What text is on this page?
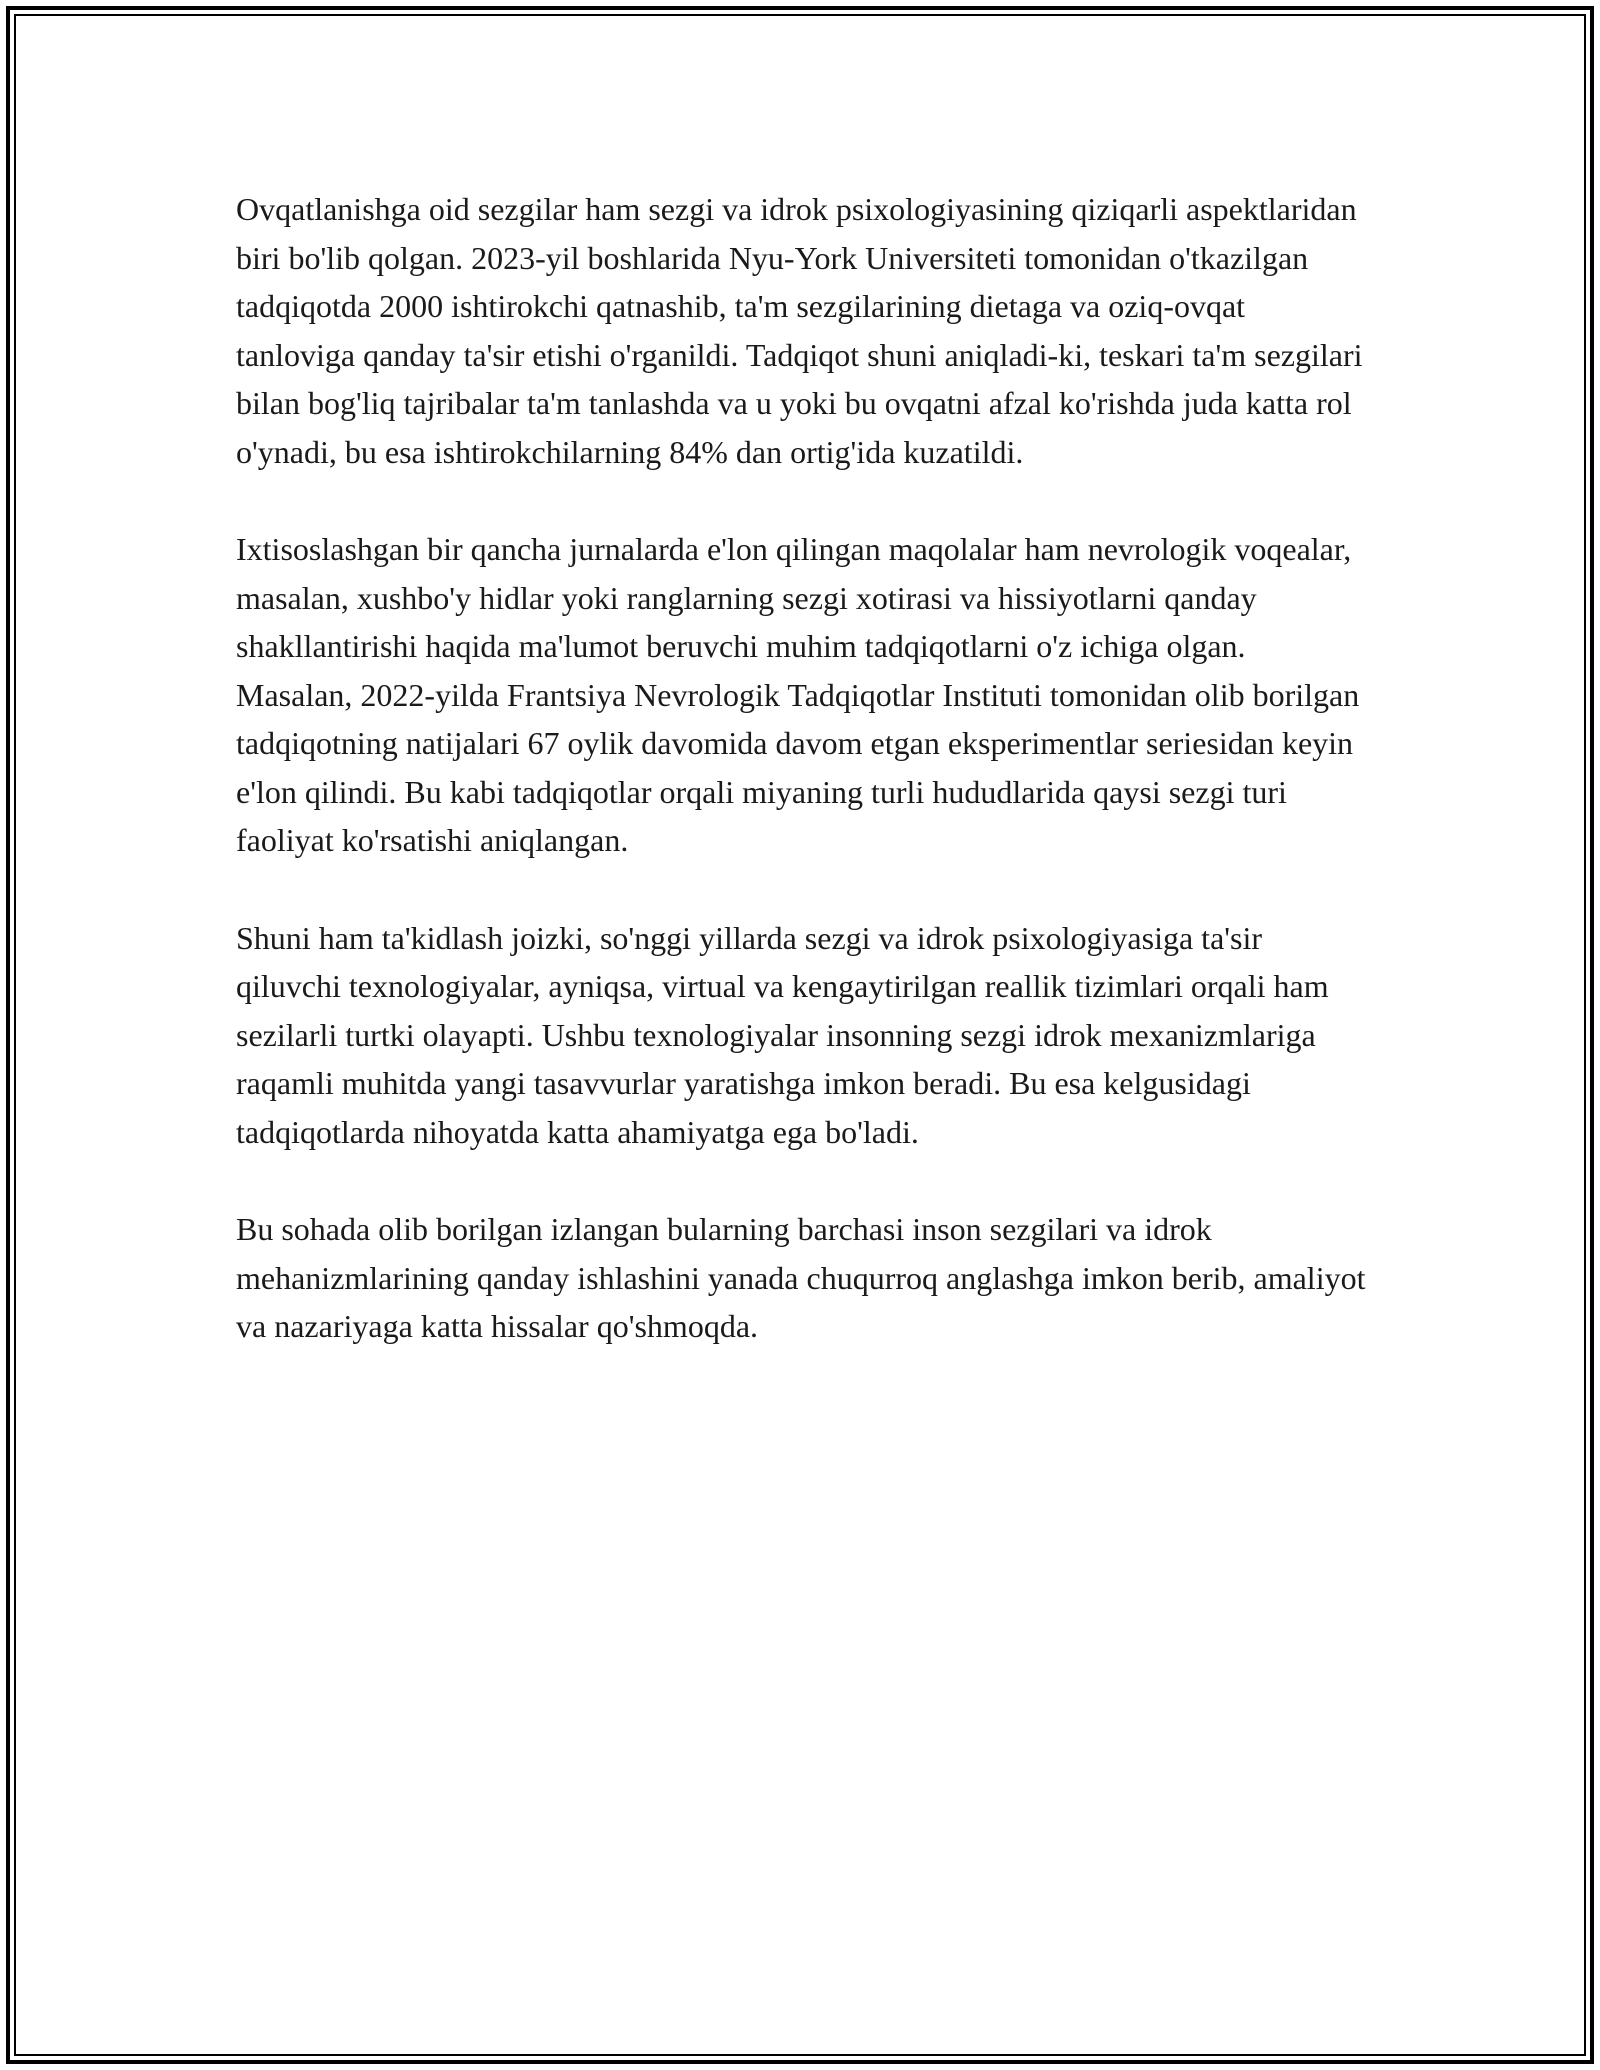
Ovqatlanishga oid sezgilar ham sezgi va idrok psixologiyasining qiziqarli aspektlaridan biri bo'lib qolgan. 2023-yil boshlarida Nyu-York Universiteti tomonidan o'tkazilgan tadqiqotda 2000 ishtirokchi qatnashib, ta'm sezgilarining dietaga va oziq-ovqat tanloviga qanday ta'sir etishi o'rganildi. Tadqiqot shuni aniqladi-ki, teskari ta'm sezgilari bilan bog'liq tajribalar ta'm tanlashda va u yoki bu ovqatni afzal ko'rishda juda katta rol o'ynadi, bu esa ishtirokchilarning 84% dan ortig'ida kuzatildi.

Ixtisoslashgan bir qancha jurnalarda e'lon qilingan maqolalar ham nevrologik voqealar, masalan, xushbo'y hidlar yoki ranglarning sezgi xotirasi va hissiyotlarni qanday shakllantirishi haqida ma'lumot beruvchi muhim tadqiqotlarni o'z ichiga olgan. Masalan, 2022-yilda Frantsiya Nevrologik Tadqiqotlar Instituti tomonidan olib borilgan tadqiqotning natijalari 67 oylik davomida davom etgan eksperimentlar seriesidan keyin e'lon qilindi. Bu kabi tadqiqotlar orqali miyaning turli hududlarida qaysi sezgi turi faoliyat ko'rsatishi aniqlangan.

Shuni ham ta'kidlash joizki, so'nggi yillarda sezgi va idrok psixologiyasiga ta'sir qiluvchi texnologiyalar, ayniqsa, virtual va kengaytirilgan reallik tizimlari orqali ham sezilarli turtki olayapti. Ushbu texnologiyalar insonning sezgi idrok mexanizmlariga raqamli muhitda yangi tasavvurlar yaratishga imkon beradi. Bu esa kelgusidagi tadqiqotlarda nihoyatda katta ahamiyatga ega bo'ladi.

Bu sohada olib borilgan izlangan bularning barchasi inson sezgilari va idrok mehanizmlarining qanday ishlashini yanada chuqurroq anglashga imkon berib, amaliyot va nazariyaga katta hissalar qo'shmoqda.
